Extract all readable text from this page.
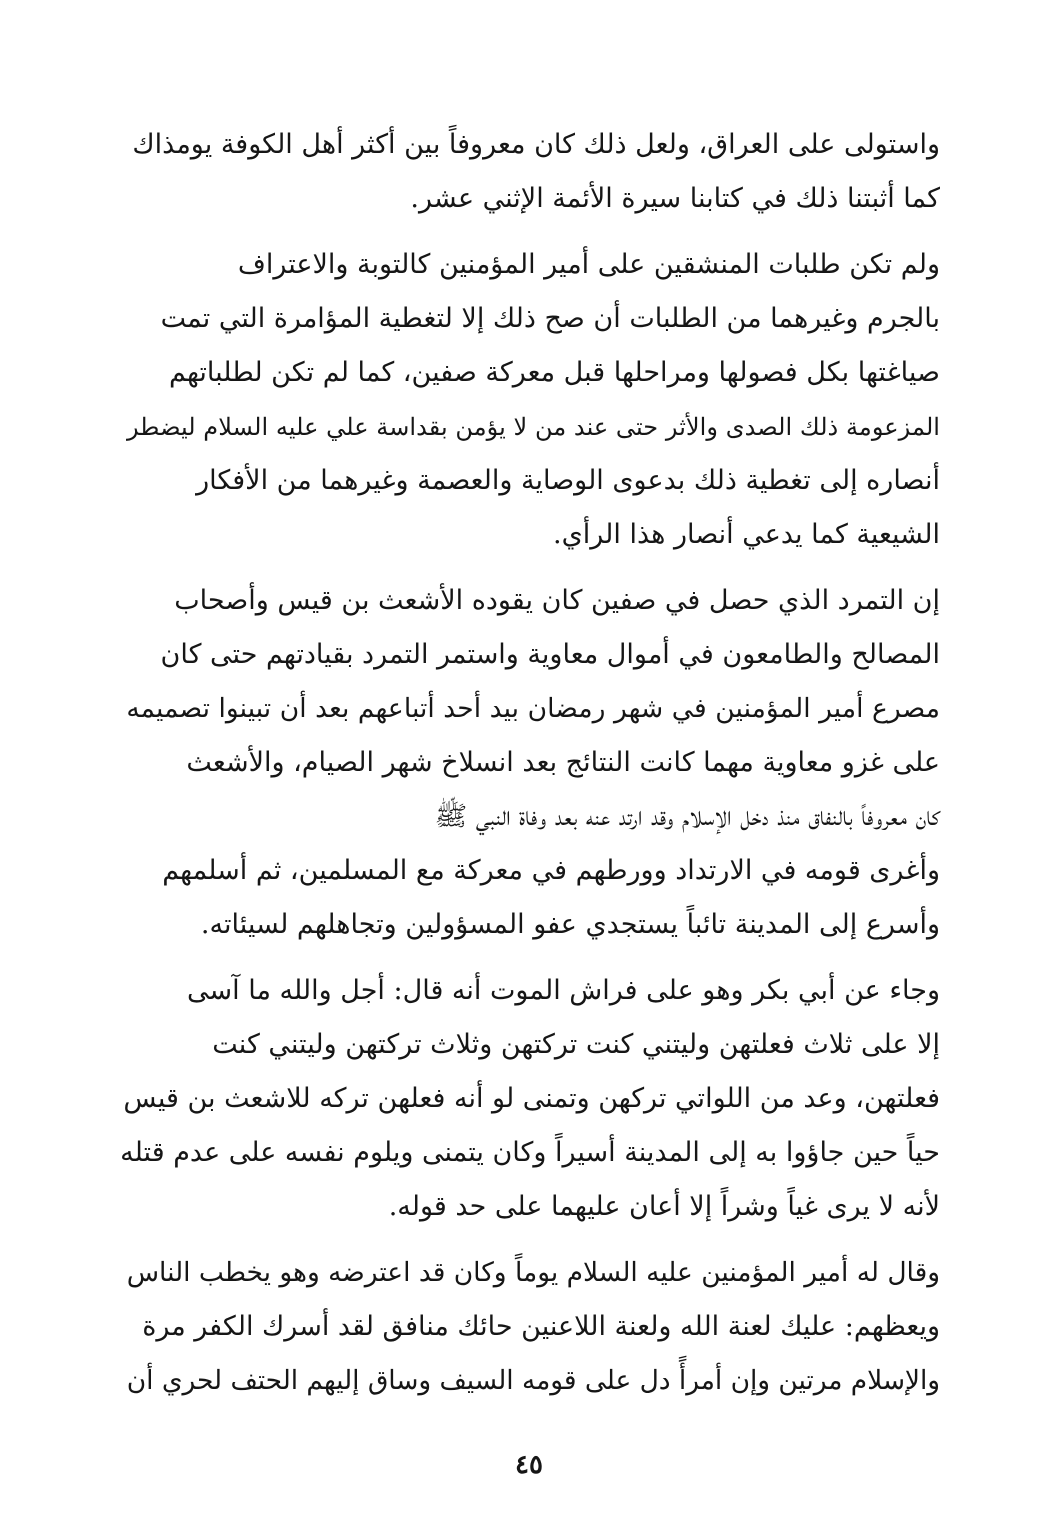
واستولى على العراق، ولعل ذلك كان معروفاً بين أكثر أهل الكوفة يومذاك
كما أثبتنا ذلك في كتابنا سيرة الأئمة الإثني عشر.

ولم تكن طلبات المنشقين على أمير المؤمنين كالتوبة والاعتراف
بالجرم وغيرهما من الطلبات أن صح ذلك إلا لتغطية المؤامرة التي تمت
صياغتها بكل فصولها ومراحلها قبل معركة صفين، كما لم تكن لطلباتهم
المزعومة ذلك الصدى والأثر حتى عند من لا يؤمن بقداسة علي عليه السلام ليضطر
أنصاره إلى تغطية ذلك بدعوى الوصاية والعصمة وغيرهما من الأفكار
الشيعية كما يدعي أنصار هذا الرأي.

إن التمرد الذي حصل في صفين كان يقوده الأشعث بن قيس وأصحاب
المصالح والطامعون في أموال معاوية واستمر التمرد بقيادتهم حتى كان
مصرع أمير المؤمنين في شهر رمضان بيد أحد أتباعهم بعد أن تبينوا تصميمه
على غزو معاوية مهما كانت النتائج بعد انسلاخ شهر الصيام، والأشعث
كان معروفاً بالنفاق منذ دخل الإسلام وقد ارتد عنه بعد وفاة النبي ﷺ
وأغرى قومه في الارتداد وورطهم في معركة مع المسلمين، ثم أسلمهم
وأسرع إلى المدينة تائباً يستجدي عفو المسؤولين وتجاهلهم لسيئاته.

وجاء عن أبي بكر وهو على فراش الموت أنه قال: أجل والله ما آسى
إلا على ثلاث فعلتهن وليتني كنت تركتهن وثلاث تركتهن وليتني كنت
فعلتهن، وعد من اللواتي تركهن وتمنى لو أنه فعلهن تركه للاشعث بن قيس
حياً حين جاؤوا به إلى المدينة أسيراً وكان يتمنى ويلوم نفسه على عدم قتله
لأنه لا يرى غياً وشراً إلا أعان عليهما على حد قوله.

وقال له أمير المؤمنين عليه السلام يوماً وكان قد اعترضه وهو يخطب الناس
ويعظهم: عليك لعنة الله ولعنة اللاعنين حائك منافق لقد أسرك الكفر مرة
والإسلام مرتين وإن أمرأً دل على قومه السيف وساق إليهم الحتف لحري أن

٤٥
